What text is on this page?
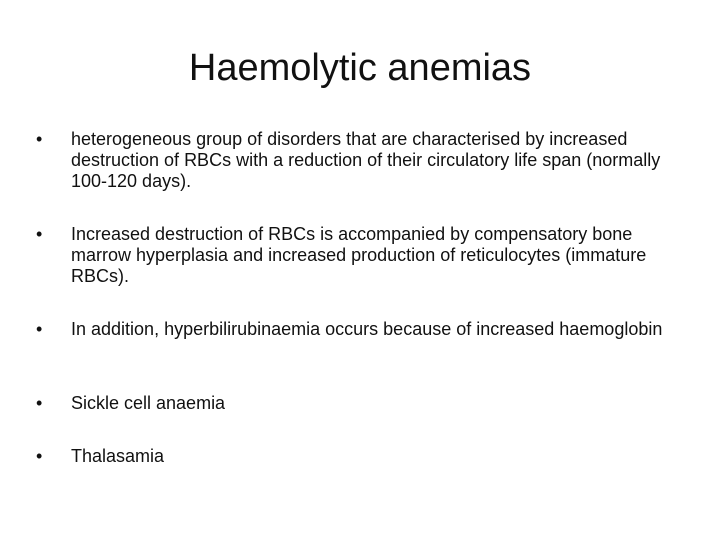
Haemolytic anemias
• heterogeneous group of disorders that are characterised by increased destruction of RBCs with a reduction of their circulatory life span (normally 100-120 days).
• Increased destruction of RBCs is accompanied by compensatory bone marrow hyperplasia and increased production of reticulocytes (immature RBCs).
• In addition, hyperbilirubinaemia occurs because of increased haemoglobin
• Sickle cell anaemia
• Thalasamia
